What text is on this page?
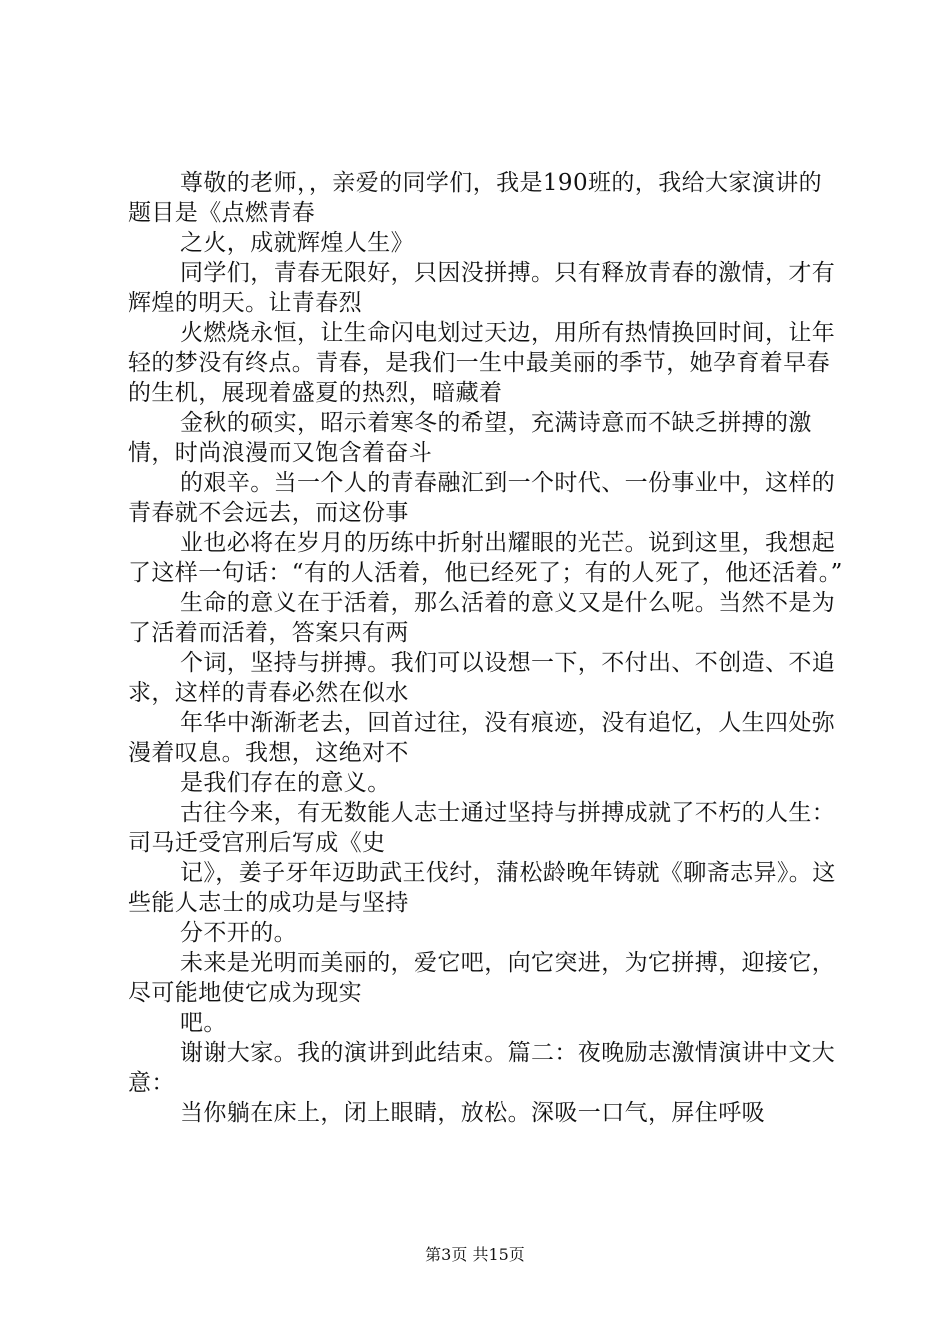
尊敬的老师，，亲爱的同学们，我是190班的，我给大家演讲的题目是《点燃青春

之火，成就辉煌人生》

同学们，青春无限好，只因没拼搏。只有释放青春的激情，才有辉煌的明天。让青春烈

火燃烧永恒，让生命闪电划过天边，用所有热情换回时间，让年轻的梦没有终点。青春，是我们一生中最美丽的季节，她孕育着早春的生机，展现着盛夏的热烈，暗藏着

金秋的硕实，昭示着寒冬的希望，充满诗意而不缺乏拼搏的激情，时尚浪漫而又饱含着奋斗

的艰辛。当一个人的青春融汇到一个时代、一份事业中，这样的青春就不会远去，而这份事

业也必将在岁月的历练中折射出耀眼的光芒。说到这里，我想起了这样一句话：“有的人活着，他已经死了；有的人死了，他还活着。”

生命的意义在于活着，那么活着的意义又是什么呢。当然不是为了活着而活着，答案只有两

个词，坚持与拼搏。我们可以设想一下，不付出、不创造、不追求，这样的青春必然在似水

年华中渐渐老去，回首过往，没有痕迹，没有追忆，人生四处弥漫着叹息。我想，这绝对不

是我们存在的意义。

古往今来，有无数能人志士通过坚持与拼搏成就了不朽的人生：司马迁受宫刑后写成《史

记》，姜子牙年迈助武王伐纣，蒲松龄晚年铸就《聊斋志异》。这些能人志士的成功是与坚持

分不开的。

未来是光明而美丽的，爱它吧，向它突进，为它拼搏，迎接它，尽可能地使它成为现实

吧。

谢谢大家。我的演讲到此结束。篇二：夜晚励志激情演讲中文大意：

当你躺在床上，闭上眼睛，放松。深吸一口气，屏住呼吸

第3页 共15页
